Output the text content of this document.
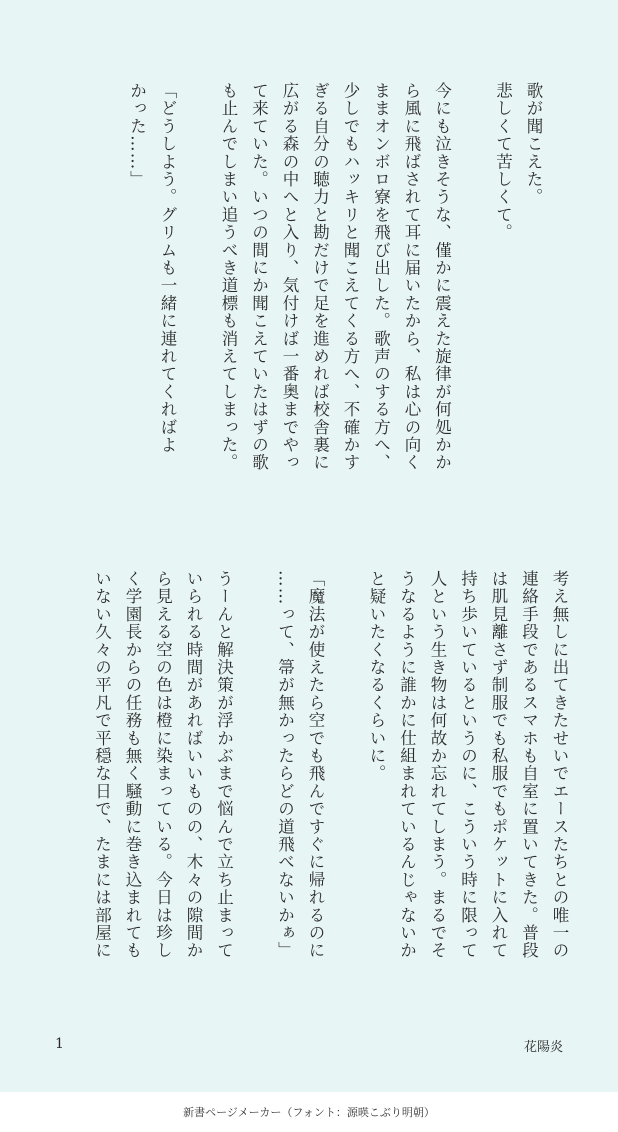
歌が聞こえた。
悲しくて苦しくて。

今にも泣きそうな、僅かに震えた旋律が何処かか
ら風に飛ばされて耳に届いたから、私は心の向く
ままオンボロ寮を飛び出した。歌声のする方へ、
少しでもハッキリと聞こえてくる方へ、不確かす
ぎる自分の聴力と勘だけで足を進めれば校舎裏に
広がる森の中へと入り、気付けば一番奥までやっ
て来ていた。いつの間にか聞こえていたはずの歌
も止んでしまい追うべき道標も消えてしまった。

「どうしよう。グリムも一緒に連れてくればよ
かった……」
考え無しに出てきたせいでエースたちとの唯一の
連絡手段であるスマホも自室に置いてきた。普段
は肌見離さず制服でも私服でもポケットに入れて
持ち歩いているというのに、こういう時に限って
人という生き物は何故か忘れてしまう。まるでそ
うなるように誰かに仕組まれているんじゃないか
と疑いたくなるくらいに。

「魔法が使えたら空でも飛んですぐに帰れるのに
……って、箒が無かったらどの道飛べないかぁ」

うーんと解決策が浮かぶまで悩んで立ち止まって
いられる時間があればいいものの、木々の隙間か
ら見える空の色は橙に染まっている。今日は珍し
く学園長からの任務も無く騒動に巻き込まれても
いない久々の平凡で平穏な日で、たまには部屋に
1	花陽炎
新書ページメーカー（フォント：源暎こぶり明朝）
